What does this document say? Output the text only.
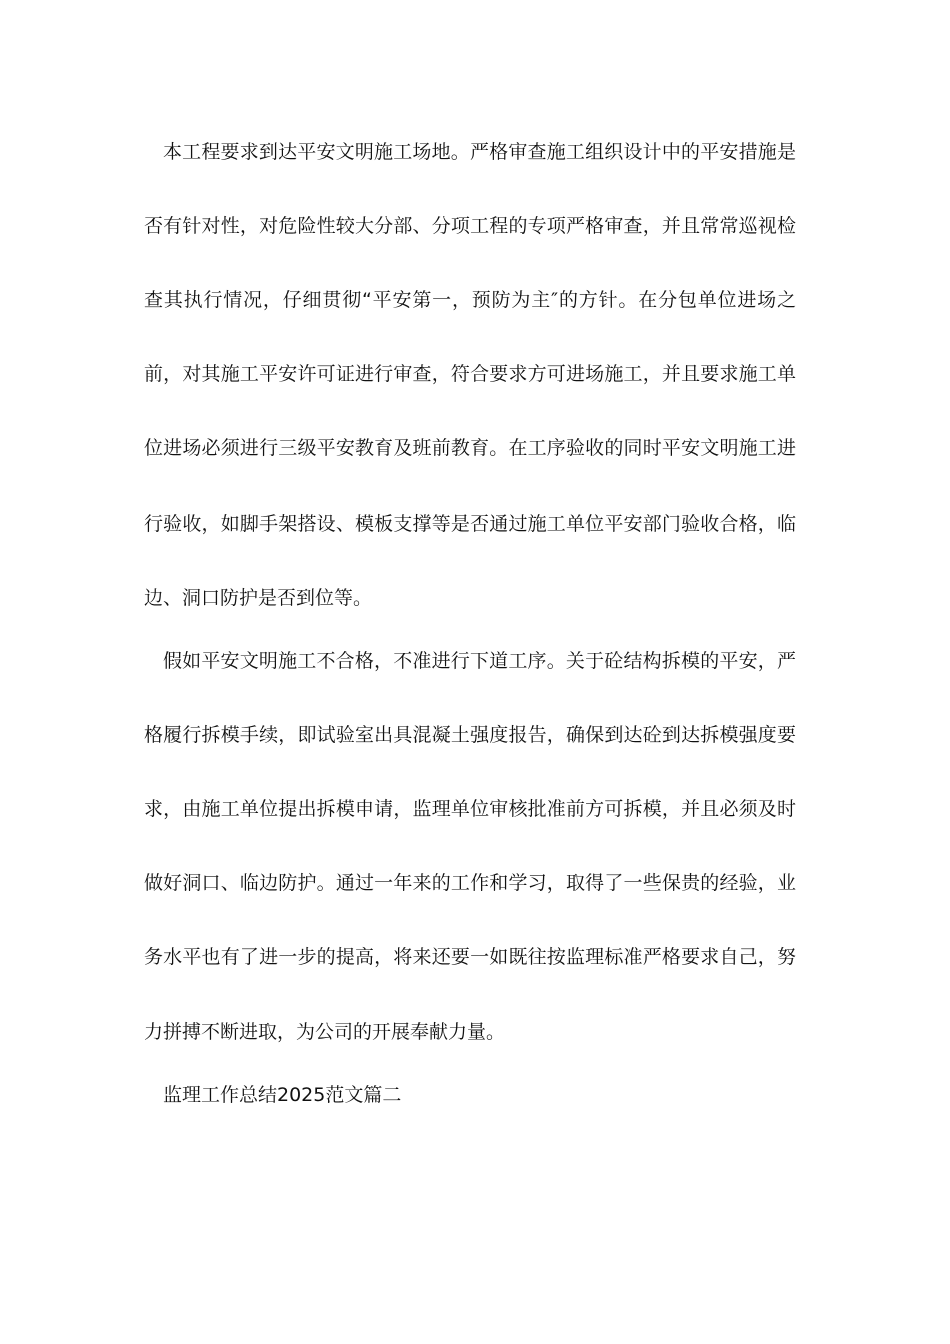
本工程要求到达平安文明施工场地。严格审查施工组织设计中的平安措施是
否有针对性，对危险性较大分部、分项工程的专项严格审查，并且常常巡视检
查其执行情况，仔细贯彻“平安第一，预防为主″的方针。在分包单位进场之
前，对其施工平安许可证进行审查，符合要求方可进场施工，并且要求施工单
位进场必须进行三级平安教育及班前教育。在工序验收的同时平安文明施工进
行验收，如脚手架搭设、模板支撑等是否通过施工单位平安部门验收合格，临
边、洞口防护是否到位等。
假如平安文明施工不合格，不准进行下道工序。关于砼结构拆模的平安，严
格履行拆模手续，即试验室出具混凝土强度报告，确保到达砼到达拆模强度要
求，由施工单位提出拆模申请，监理单位审核批准前方可拆模，并且必须及时
做好洞口、临边防护。通过一年来的工作和学习，取得了一些保贵的经验，业
务水平也有了进一步的提高，将来还要一如既往按监理标准严格要求自己，努
力拼搏不断进取，为公司的开展奉献力量。
监理工作总结2025范文篇二
